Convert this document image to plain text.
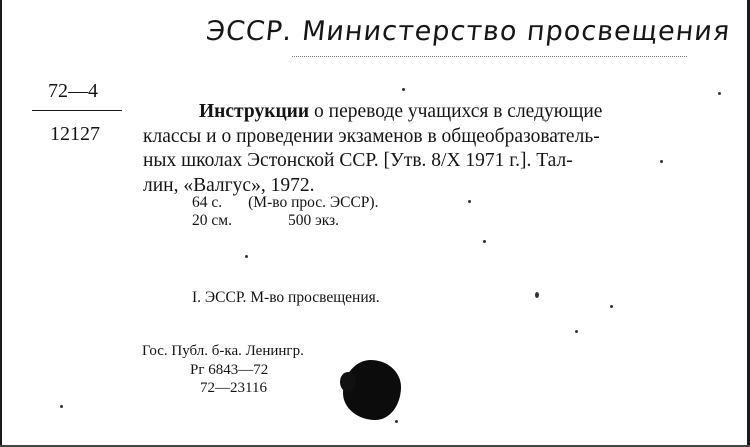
ЭССР. Министерство просвещения
72—4
12127
Инструкции о переводе учащихся в следующие
классы и о проведении экзаменов в общеобразователь-
ных школах Эстонской ССР. [Утв. 8/X 1971 г.]. Тал-
лин, «Валгус», 1972.
64 с. (М-во прос. ЭССР).
20 см.	500 экз.
I. ЭССР. М-во просвещения.
Гос. Публ. б-ка. Ленингр.
Рг 6843—72
72—23116
